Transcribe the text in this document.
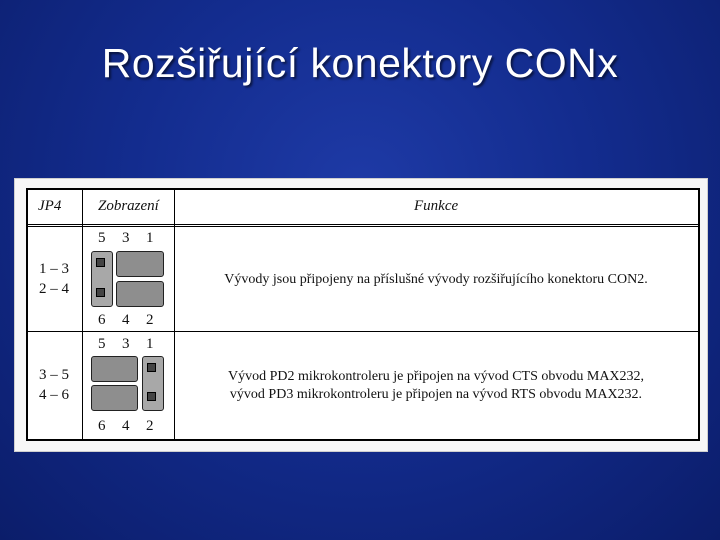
Rozšiřující konektory CONx
JP4 Zobrazení	Funkce
1 – 3
2 – 4
5 3 1
6 4 2
Vývody jsou připojeny na příslušné vývody rozšiřujícího konektoru CON2.
3 – 5
4 – 6
5 3 1
6 4 2
Vývod PD2 mikrokontroleru je připojen na vývod CTS obvodu MAX232,
vývod PD3 mikrokontroleru je připojen na vývod RTS obvodu MAX232.
